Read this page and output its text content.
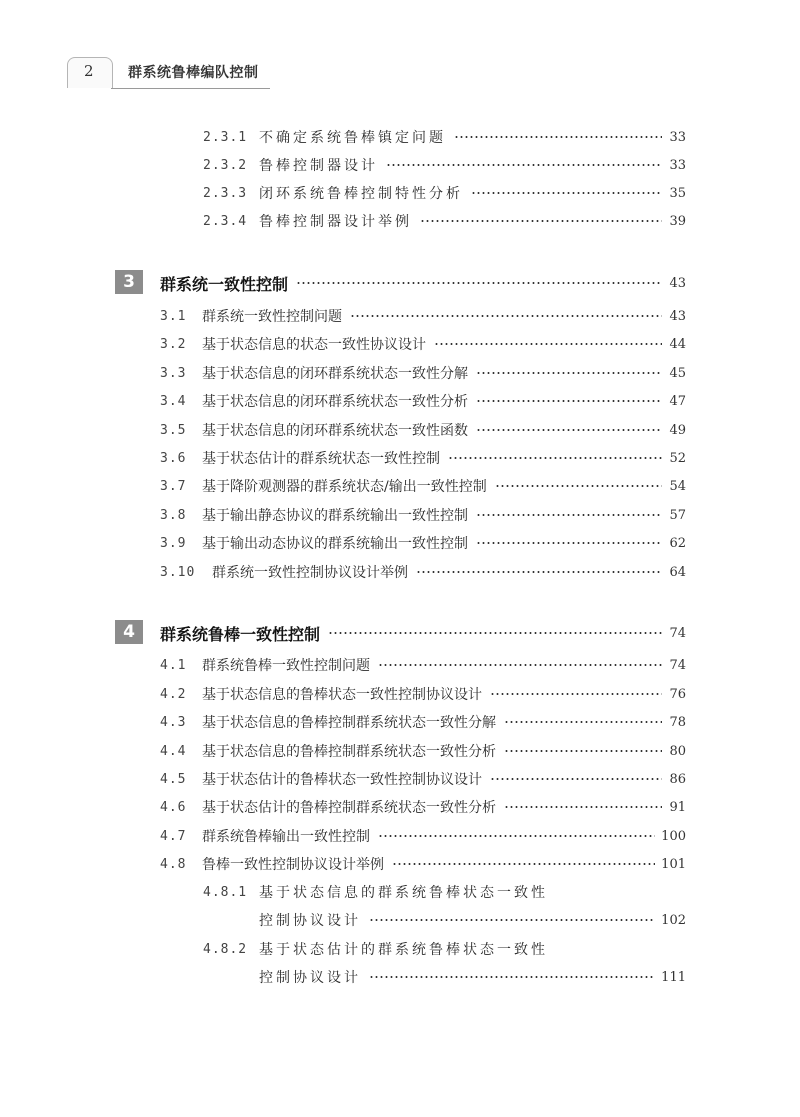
2 群系统鲁棒编队控制
2.3.1 不确定系统鲁棒镇定问题	33
2.3.2 鲁棒控制器设计	33
2.3.3 闭环系统鲁棒控制特性分析	35
2.3.4 鲁棒控制器设计举例	39
3	群系统一致性控制	43
3.1	群系统一致性控制问题	43
3.2	基于状态信息的状态一致性协议设计	44
3.3	基于状态信息的闭环群系统状态一致性分解	45
3.4	基于状态信息的闭环群系统状态一致性分析	47
3.5	基于状态信息的闭环群系统状态一致性函数	49
3.6	基于状态估计的群系统状态一致性控制	52
3.7	基于降阶观测器的群系统状态/输出一致性控制	54
3.8	基于输出静态协议的群系统输出一致性控制	57
3.9	基于输出动态协议的群系统输出一致性控制	62
3.10	群系统一致性控制协议设计举例	64
4	群系统鲁棒一致性控制	74
4.1	群系统鲁棒一致性控制问题	74
4.2	基于状态信息的鲁棒状态一致性控制协议设计	76
4.3	基于状态信息的鲁棒控制群系统状态一致性分解	78
4.4	基于状态信息的鲁棒控制群系统状态一致性分析	80
4.5	基于状态估计的鲁棒状态一致性控制协议设计	86
4.6	基于状态估计的鲁棒控制群系统状态一致性分析	91
4.7	群系统鲁棒输出一致性控制	100
4.8	鲁棒一致性控制协议设计举例	101
4.8.1 基于状态信息的群系统鲁棒状态一致性
控制协议设计	102
4.8.2 基于状态估计的群系统鲁棒状态一致性
控制协议设计	111
